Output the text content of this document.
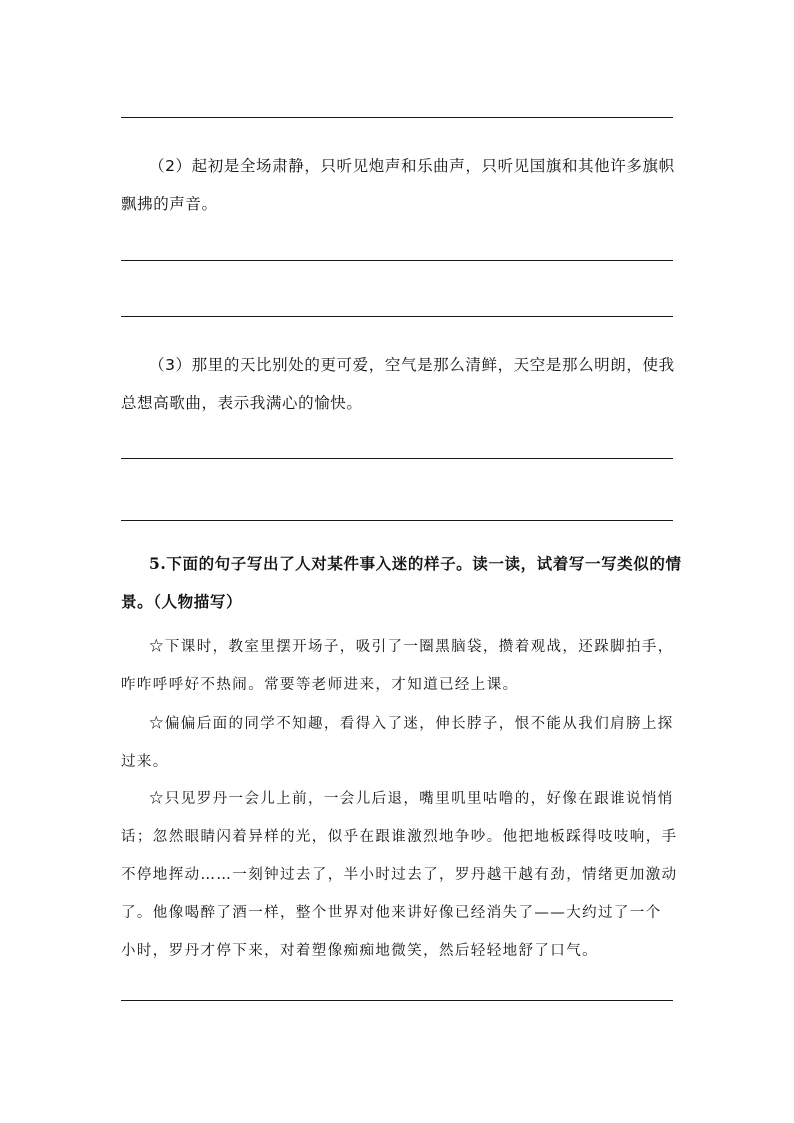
（2）起初是全场肃静，只听见炮声和乐曲声，只听见国旗和其他许多旗帜
飘拂的声音。

（3）那里的天比别处的更可爱，空气是那么清鲜，天空是那么明朗，使我
总想高歌曲，表示我满心的愉快。

5.下面的句子写出了人对某件事入迷的样子。读一读，试着写一写类似的情
景。（人物描写）

☆下课时，教室里摆开场子，吸引了一圈黑脑袋，攒着观战，还跺脚拍手，
咋咋呼呼好不热闹。常要等老师进来，才知道已经上课。

☆偏偏后面的同学不知趣，看得入了迷，伸长脖子，恨不能从我们肩膀上探
过来。

☆只见罗丹一会儿上前，一会儿后退，嘴里叽里咕噜的，好像在跟谁说悄悄
话；忽然眼睛闪着异样的光，似乎在跟谁激烈地争吵。他把地板踩得吱吱响，手
不停地挥动……一刻钟过去了，半小时过去了，罗丹越干越有劲，情绪更加激动
了。他像喝醉了酒一样，整个世界对他来讲好像已经消失了——大约过了一个
小时，罗丹才停下来，对着塑像痴痴地微笑，然后轻轻地舒了口气。
